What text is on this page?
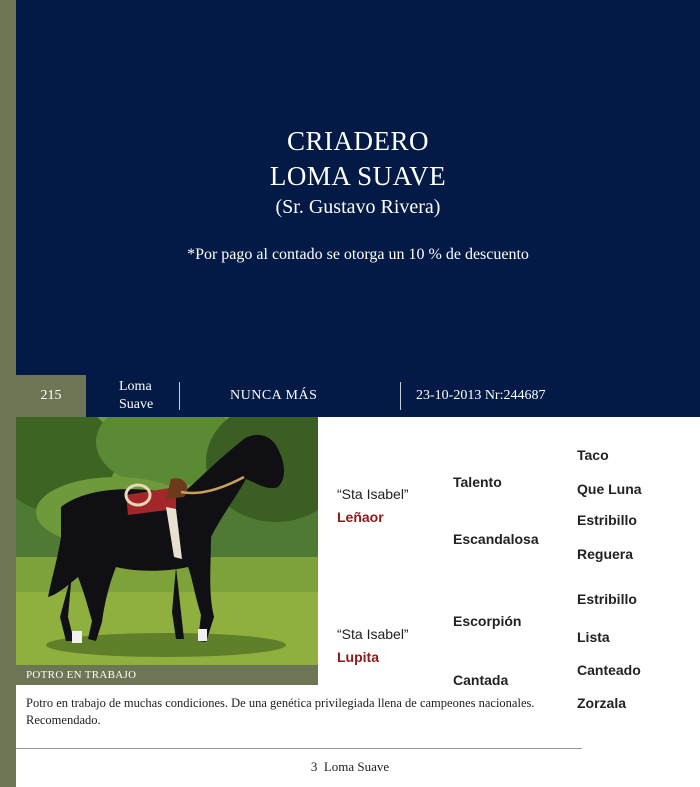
CRIADERO
LOMA SUAVE
(Sr. Gustavo Rivera)
*Por pago al contado se otorga un 10 % de descuento
215
Loma
Suave
NUNCA MÁS	23-10-2013 Nr:244687
POTRO EN TRABAJO
“Sta Isabel”
Leñaor
“Sta Isabel”
Lupita
Talento
Escandalosa
Escorpión
Cantada
Taco
Que Luna
Estribillo
Reguera
Estribillo
Lista
Canteado
Zorzala
Potro en trabajo de muchas condiciones. De una genética privilegiada llena de campeones nacionales. Recomendado.
3 Loma Suave
